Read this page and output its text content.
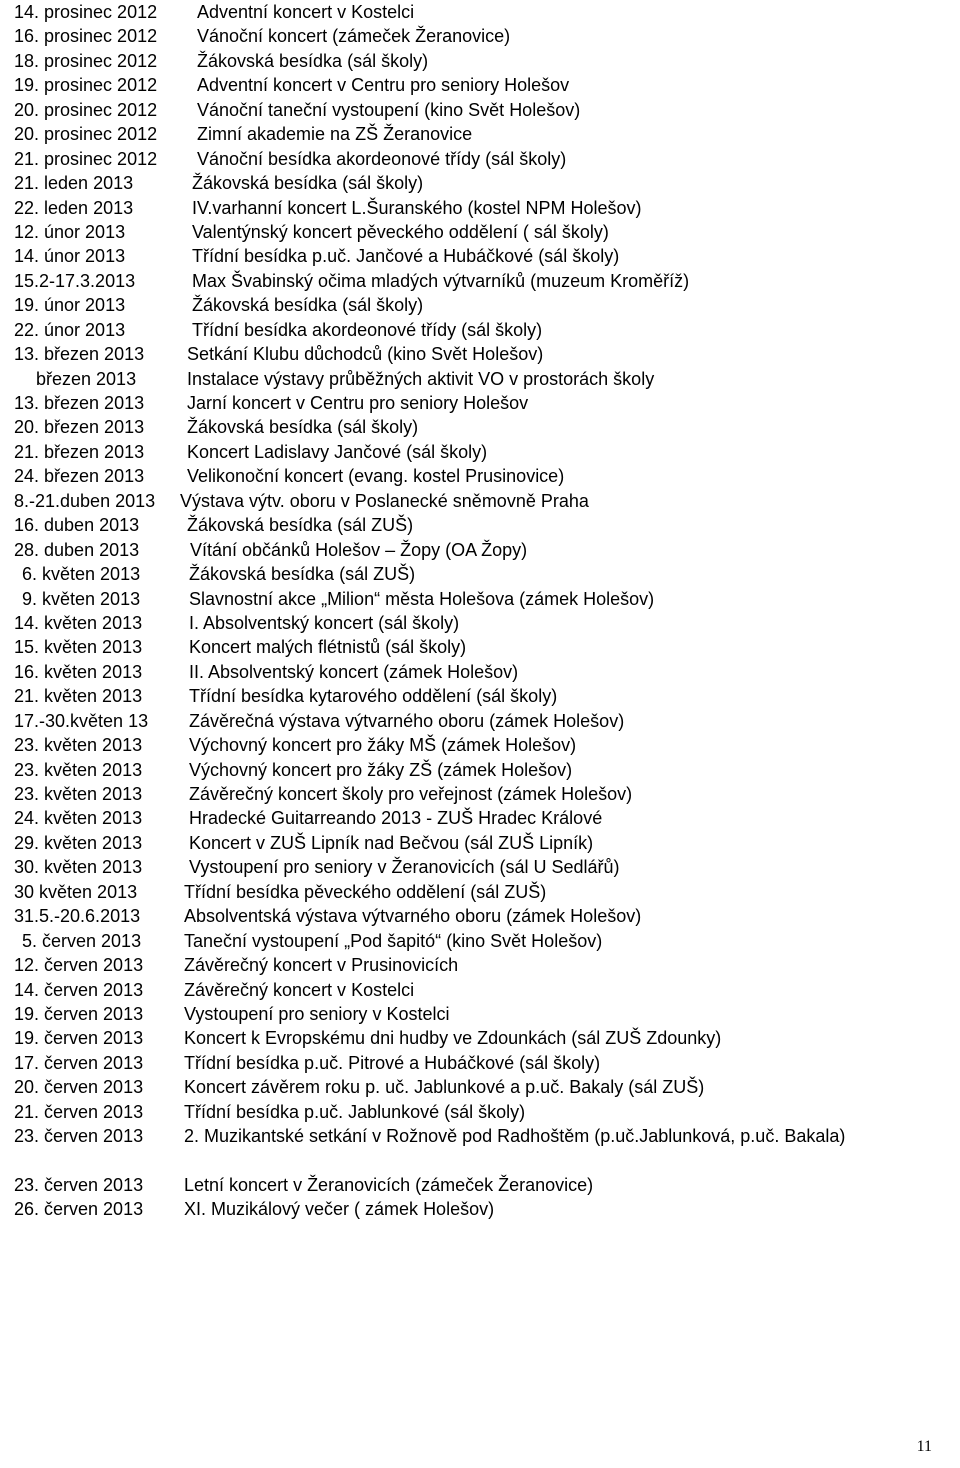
14. prosinec 2012 Adventní koncert v Kostelci
16. prosinec 2012 Vánoční koncert (zámeček Žeranovice)
18. prosinec 2012 Žákovská besídka (sál školy)
19. prosinec 2012 Adventní koncert v Centru pro seniory Holešov
20. prosinec 2012 Vánoční taneční vystoupení (kino Svět Holešov)
20. prosinec 2012 Zimní akademie na ZŠ Žeranovice
21. prosinec 2012 Vánoční besídka akordeonové třídy (sál školy)
21. leden 2013	Žákovská besídka (sál školy)
22. leden 2013	IV.varhanní koncert L.Šuranského (kostel NPM Holešov)
12. únor 2013	Valentýnský koncert pěveckého oddělení ( sál školy)
14. únor 2013	Třídní besídka p.uč. Jančové a Hubáčkové (sál školy)
15.2-17.3.2013	Max Švabinský očima mladých výtvarníků (muzeum Kroměříž)
19. únor 2013	Žákovská besídka (sál školy)
22. únor 2013	Třídní besídka akordeonové třídy (sál školy)
13. březen 2013 Setkání Klubu důchodců (kino Svět Holešov)
březen 2013	Instalace výstavy průběžných aktivit VO v prostorách školy
13. březen 2013 Jarní koncert v Centru pro seniory Holešov
20. březen 2013 Žákovská besídka (sál školy)
21. březen 2013 Koncert Ladislavy Jančové (sál školy)
24. březen 2013 Velikonoční koncert (evang. kostel Prusinovice)
8.-21.duben 2013 Výstava výtv. oboru v Poslanecké sněmovně Praha
16. duben 2013	Žákovská besídka (sál ZUŠ)
28. duben 2013	Vítání občánků Holešov – Žopy (OA Žopy)
6. květen 2013	Žákovská besídka (sál ZUŠ)
9. květen 2013	Slavnostní akce „Milion“ města Holešova (zámek Holešov)
14. květen 2013	I. Absolventský koncert (sál školy)
15. květen 2013	Koncert malých flétnistů (sál školy)
16. květen 2013	II. Absolventský koncert (zámek Holešov)
21. květen 2013	Třídní besídka kytarového oddělení (sál školy)
17.-30.květen 13 Závěrečná výstava výtvarného oboru (zámek Holešov)
23. květen 2013	Výchovný koncert pro žáky MŠ (zámek Holešov)
23. květen 2013	Výchovný koncert pro žáky ZŠ (zámek Holešov)
23. květen 2013	Závěrečný koncert školy pro veřejnost (zámek Holešov)
24. květen 2013	Hradecké Guitarreando 2013 - ZUŠ Hradec Králové
29. květen 2013	Koncert v ZUŠ Lipník nad Bečvou (sál ZUŠ Lipník)
30. květen 2013	Vystoupení pro seniory v Žeranovicích (sál U Sedlářů)
30 květen 2013	Třídní besídka pěveckého oddělení (sál ZUŠ)
31.5.-20.6.2013 Absolventská výstava výtvarného oboru (zámek Holešov)
5. červen 2013 Taneční vystoupení „Pod šapitó“ (kino Svět Holešov)
12. červen 2013 Závěrečný koncert v Prusinovicích
14. červen 2013 Závěrečný koncert v Kostelci
19. červen 2013 Vystoupení pro seniory v Kostelci
19. červen 2013 Koncert k Evropskému dni hudby ve Zdounkách (sál ZUŠ Zdounky)
17. červen 2013 Třídní besídka p.uč. Pitrové a Hubáčkové (sál školy)
20. červen 2013 Koncert závěrem roku p. uč. Jablunkové a p.uč. Bakaly (sál ZUŠ)
21. červen 2013 Třídní besídka p.uč. Jablunkové (sál školy)
23. červen 2013 2. Muzikantské setkání v Rožnově pod Radhoštěm (p.uč.Jablunková, p.uč. Bakala)
23. červen 2013 Letní koncert v Žeranovicích (zámeček Žeranovice)
26. červen 2013 XI. Muzikálový večer ( zámek Holešov)
11
